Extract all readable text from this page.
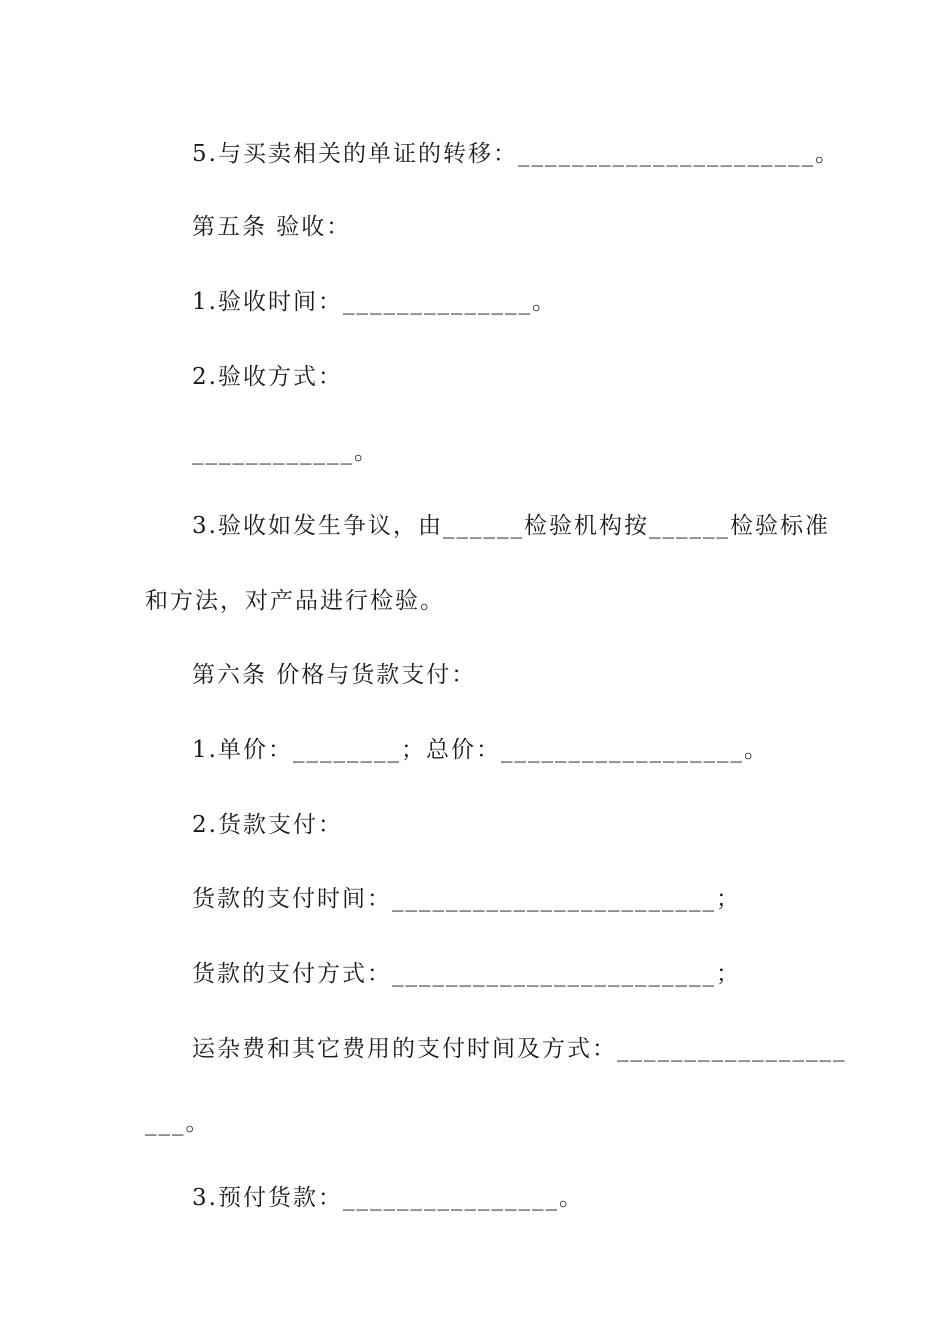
5.与买卖相关的单证的转移：______________________。
第五条 验收：
1.验收时间：______________。
2.验收方式：
____________。
3.验收如发生争议，由______检验机构按______检验标准
和方法，对产品进行检验。
第六条 价格与货款支付：
1.单价：________；总价：__________________。
2.货款支付：
货款的支付时间：________________________；
货款的支付方式：________________________；
运杂费和其它费用的支付时间及方式：_________________
___。
3.预付货款：________________。
